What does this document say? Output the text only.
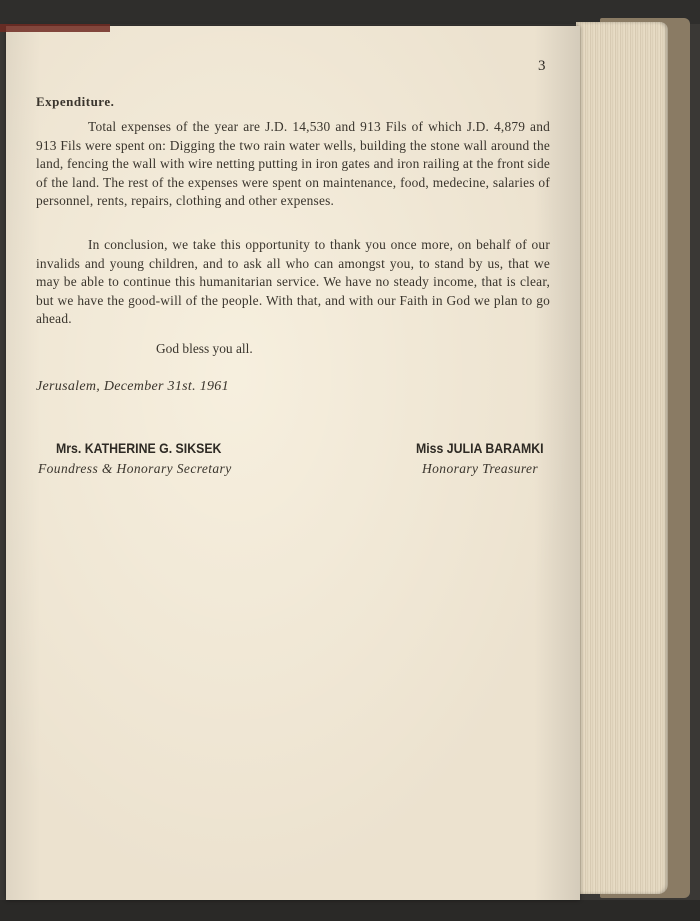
3
Expenditure.
Total expenses of the year are J.D. 14,530 and 913 Fils of which J.D. 4,879 and 913 Fils were spent on: Digging the two rain water wells, building the stone wall around the land, fencing the wall with wire netting putting in iron gates and iron railing at the front side of the land. The rest of the expenses were spent on maintenance, food, medecine, salaries of personnel, rents, repairs, clothing and other expenses.
In conclusion, we take this opportunity to thank you once more, on behalf of our invalids and young children, and to ask all who can amongst you, to stand by us, that we may be able to continue this humanitarian service. We have no steady income, that is clear, but we have the good-will of the people. With that, and with our Faith in God we plan to go ahead.
God bless you all.
Jerusalem, December 31st. 1961
Mrs. KATHERINE G. SIKSEK
Foundress & Honorary Secretary
Miss JULIA BARAMKI
Honorary Treasurer
